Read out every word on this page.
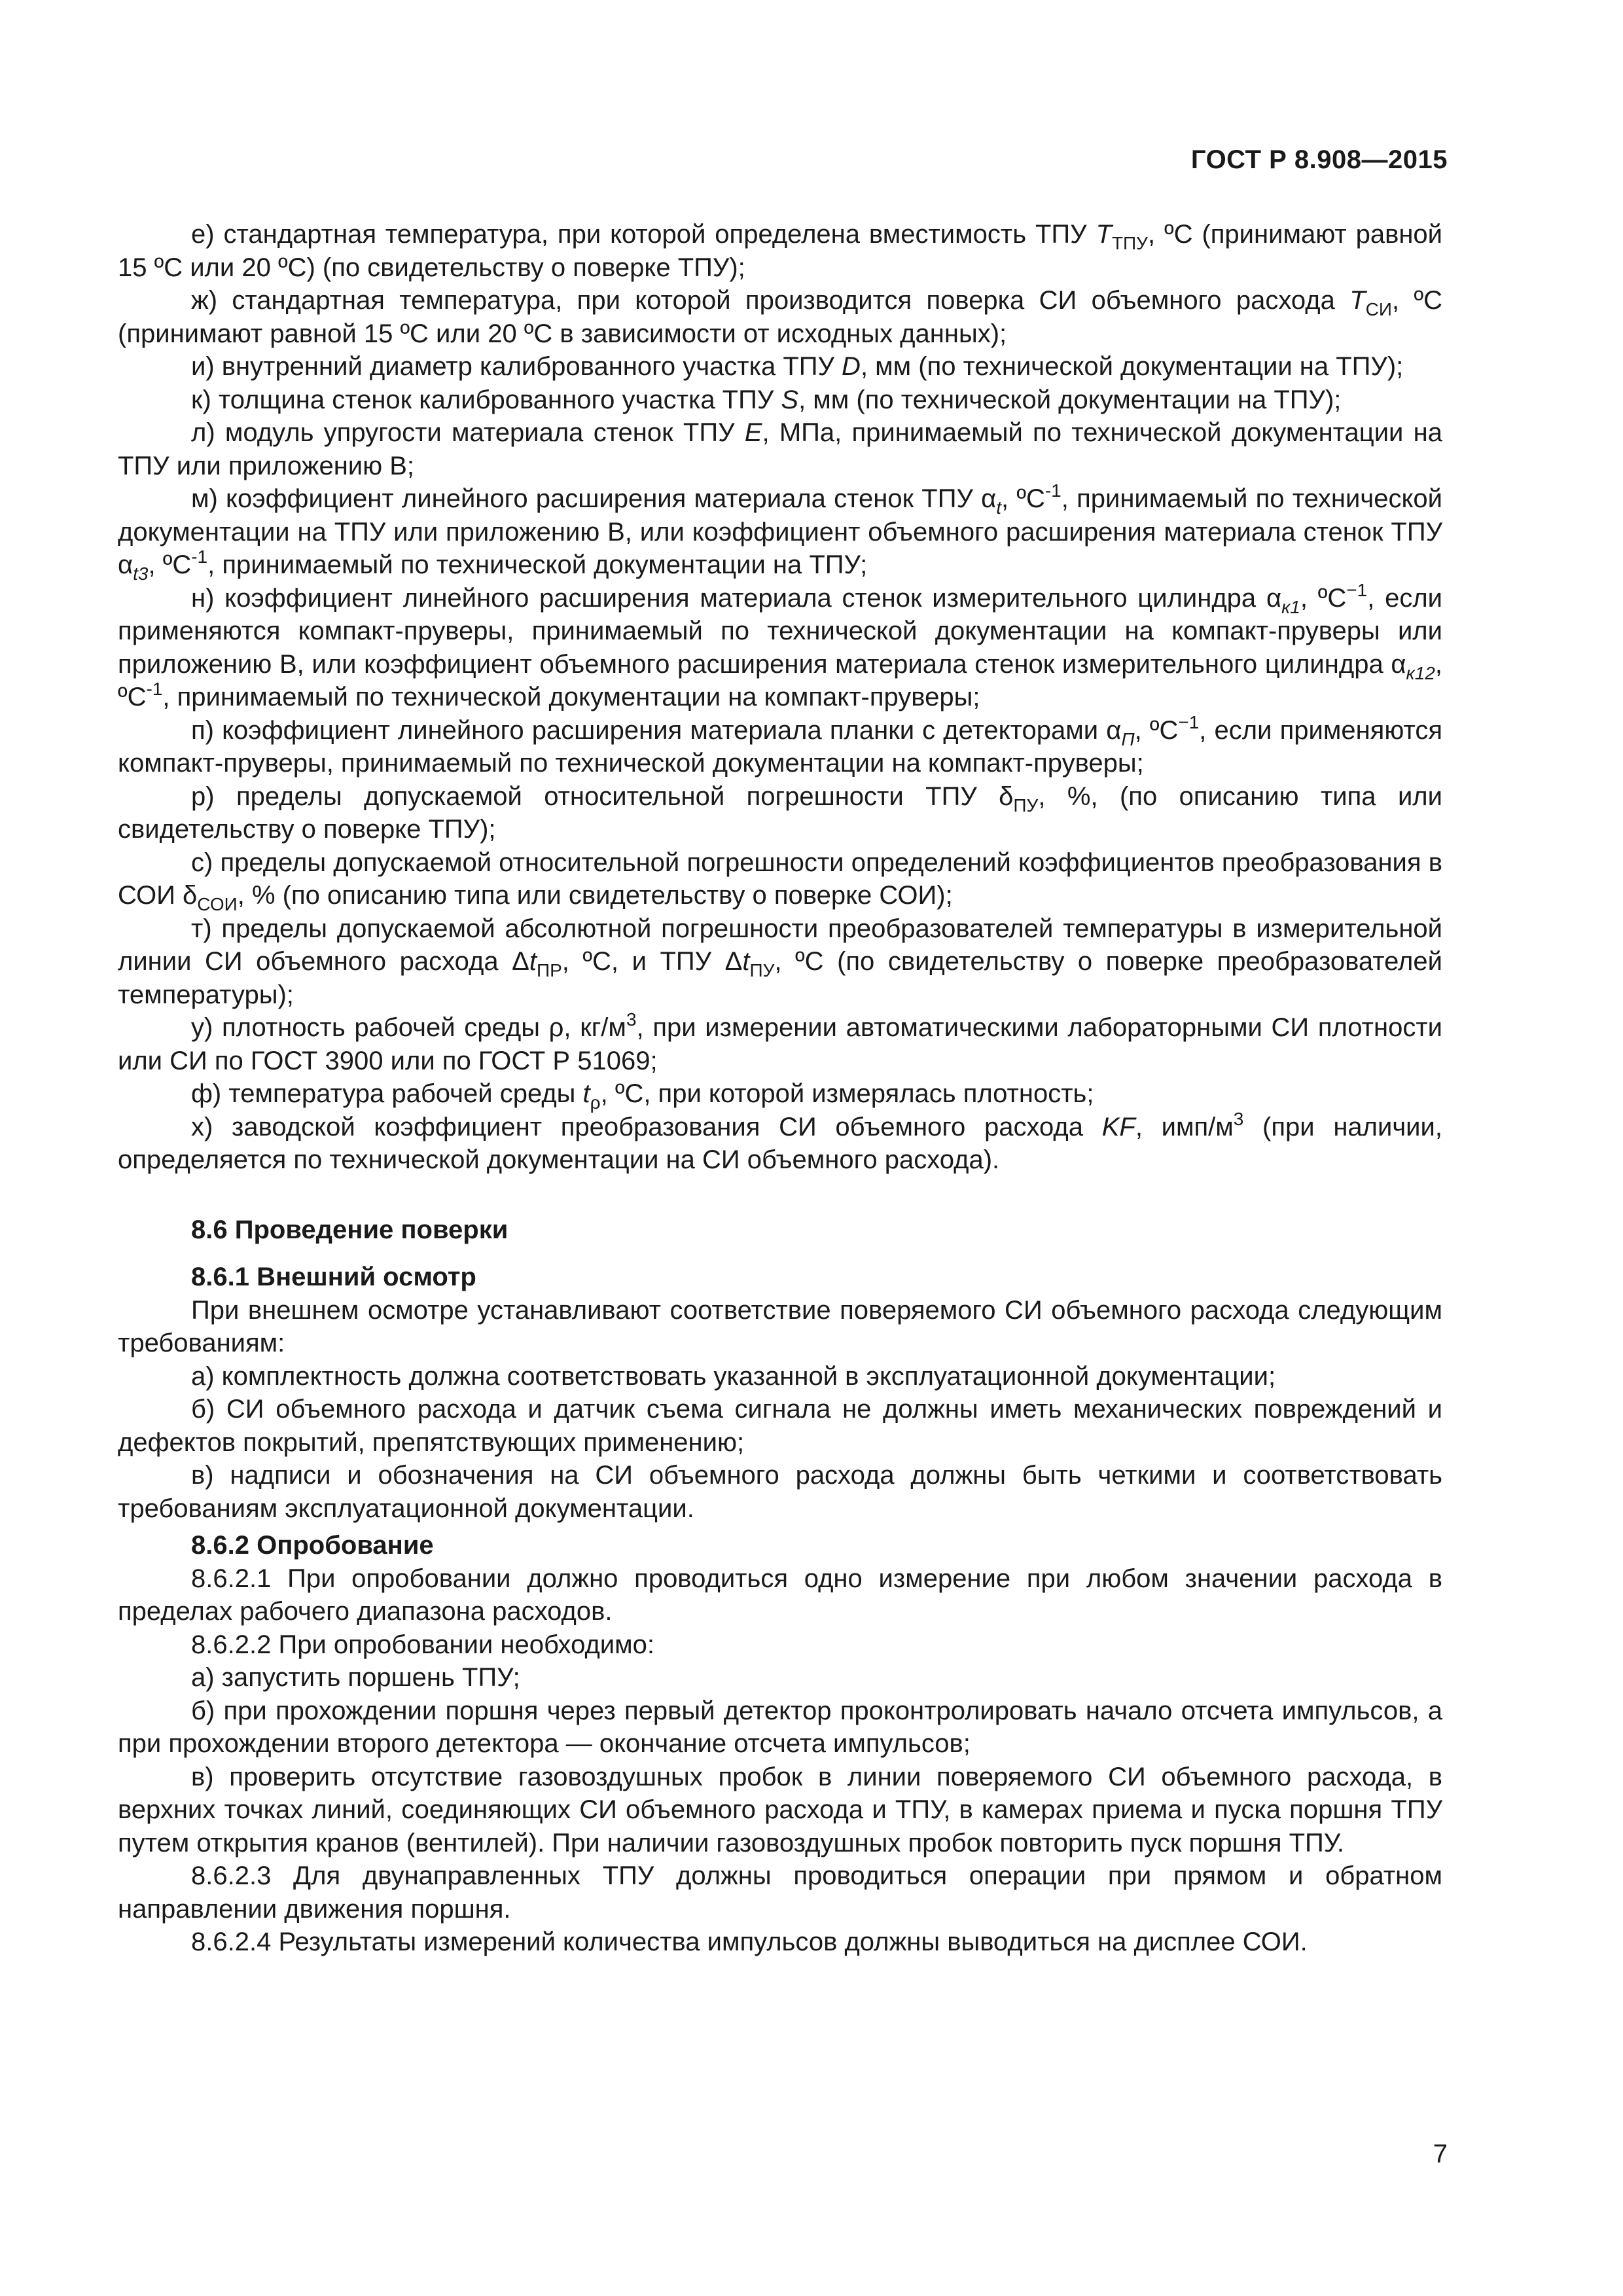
ГОСТ Р 8.908—2015

е) стандартная температура, при которой определена вместимость ТПУ $T_{ТПУ}$, ºС (принимают равной 15 ºС или 20 ºС) (по свидетельству о поверке ТПУ);

ж) стандартная температура, при которой производится поверка СИ объемного расхода $T_{СИ}$, ºС (принимают равной 15 ºС или 20 ºС в зависимости от исходных данных);

и) внутренний диаметр калиброванного участка ТПУ D, мм (по технической документации на ТПУ);

к) толщина стенок калиброванного участка ТПУ S, мм (по технической документации на ТПУ);

л) модуль упругости материала стенок ТПУ E, МПа, принимаемый по технической документации на ТПУ или приложению В;

м) коэффициент линейного расширения материала стенок ТПУ $\alpha_t$, ºС$^{-1}$, принимаемый по технической документации на ТПУ или приложению В, или коэффициент объемного расширения материала стенок ТПУ $\alpha_{t3}$, ºС$^{-1}$, принимаемый по технической документации на ТПУ;

н) коэффициент линейного расширения материала стенок измерительного цилиндра $\alpha_{к1}$, ºС$^{-1}$, если применяются компакт-пруверы, принимаемый по технической документации на компакт-пруверы или приложению В, или коэффициент объемного расширения материала стенок измерительного цилиндра $\alpha_{к12}$, ºС$^{-1}$, принимаемый по технической документации на компакт-пруверы;

п) коэффициент линейного расширения материала планки с детекторами $\alpha_П$, ºС$^{-1}$, если применяются компакт-пруверы, принимаемый по технической документации на компакт-пруверы;

р) пределы допускаемой относительной погрешности ТПУ $\delta_{ПУ}$, %, (по описанию типа или свидетельству о поверке ТПУ);

с) пределы допускаемой относительной погрешности определений коэффициентов преобразования в СОИ $\delta_{СОИ}$, % (по описанию типа или свидетельству о поверке СОИ);

т) пределы допускаемой абсолютной погрешности преобразователей температуры в измерительной линии СИ объемного расхода $\Delta t_{ПР}$, ºС, и ТПУ $\Delta t_{ПУ}$, ºС (по свидетельству о поверке преобразователей температуры);

у) плотность рабочей среды ρ, $кг/м^3$, при измерении автоматическими лабораторными СИ плотности или СИ по ГОСТ 3900 или по ГОСТ Р 51069;

ф) температура рабочей среды $t_\rho$, ºС, при которой измерялась плотность;

х) заводской коэффициент преобразования СИ объемного расхода KF, имп/$м^3$ (при наличии, определяется по технической документации на СИ объемного расхода).

8.6 Проведение поверки

8.6.1 Внешний осмотр

При внешнем осмотре устанавливают соответствие поверяемого СИ объемного расхода следующим требованиям:

а) комплектность должна соответствовать указанной в эксплуатационной документации;

б) СИ объемного расхода и датчик съема сигнала не должны иметь механических повреждений и дефектов покрытий, препятствующих применению;

в) надписи и обозначения на СИ объемного расхода должны быть четкими и соответствовать требованиям эксплуатационной документации.

8.6.2 Опробование

8.6.2.1 При опробовании должно проводиться одно измерение при любом значении расхода в пределах рабочего диапазона расходов.

8.6.2.2 При опробовании необходимо:

а) запустить поршень ТПУ;

б) при прохождении поршня через первый детектор проконтролировать начало отсчета импульсов, а при прохождении второго детектора — окончание отсчета импульсов;

в) проверить отсутствие газовоздушных пробок в линии поверяемого СИ объемного расхода, в верхних точках линий, соединяющих СИ объемного расхода и ТПУ, в камерах приема и пуска поршня ТПУ путем открытия кранов (вентилей). При наличии газовоздушных пробок повторить пуск поршня ТПУ.

8.6.2.3 Для двунаправленных ТПУ должны проводиться операции при прямом и обратном направлении движения поршня.

8.6.2.4 Результаты измерений количества импульсов должны выводиться на дисплее СОИ.

7
